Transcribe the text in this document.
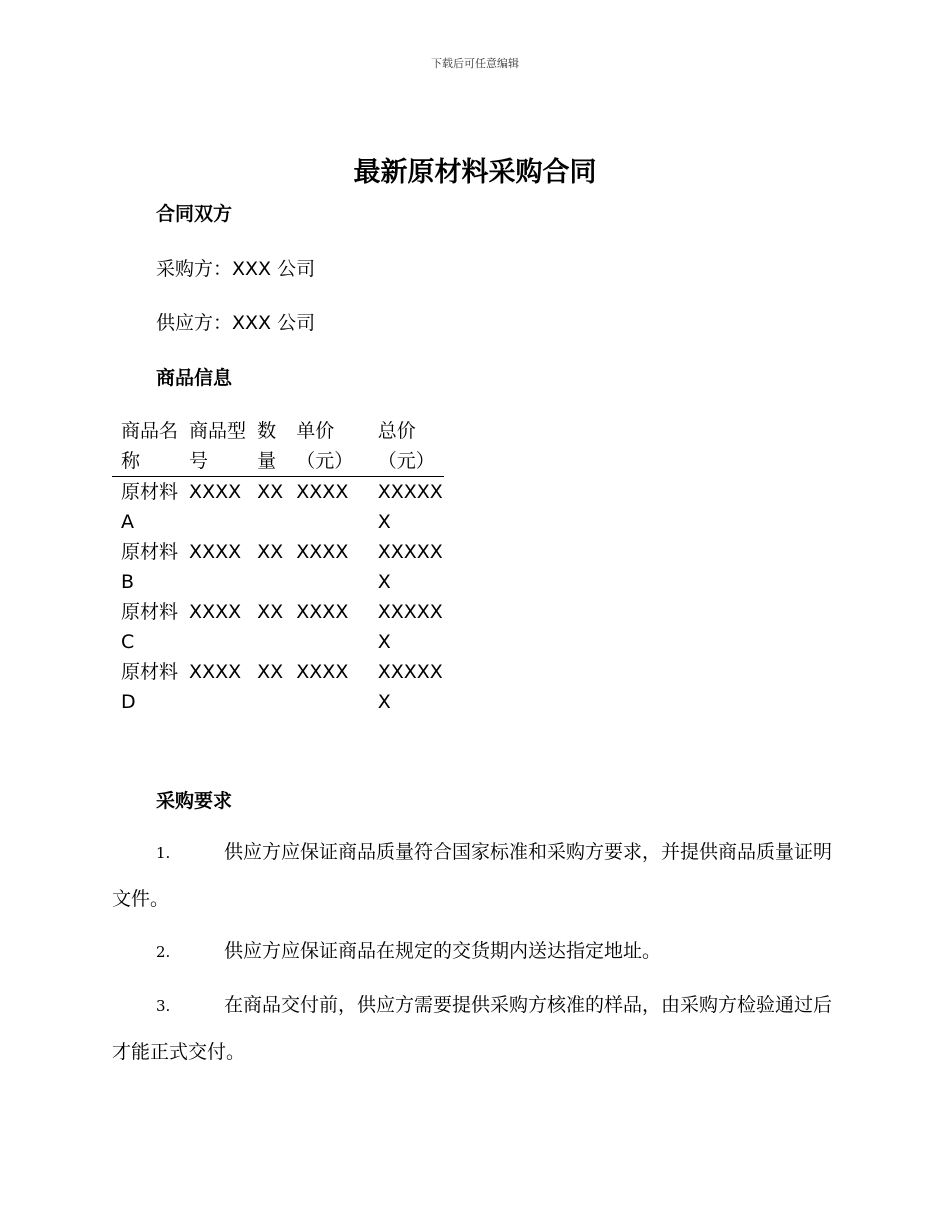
下载后可任意编辑
最新原材料采购合同
合同双方

采购方：XXX 公司

供应方：XXX 公司

商品信息
商品名称	商品型号	数量	单价（元）	总价（元）
原材料 A	XXXX	XX	XXXX	XXXXXX
原材料 B	XXXX	XX	XXXX	XXXXXX
原材料 C	XXXX	XX	XXXX	XXXXXX
原材料 D	XXXX	XX	XXXX	XXXXXX
采购要求

1.	供应方应保证商品质量符合国家标准和采购方要求，并提供商品质量证明文件。

2.	供应方应保证商品在规定的交货期内送达指定地址。

3.	在商品交付前，供应方需要提供采购方核准的样品，由采购方检验通过后才能正式交付。
